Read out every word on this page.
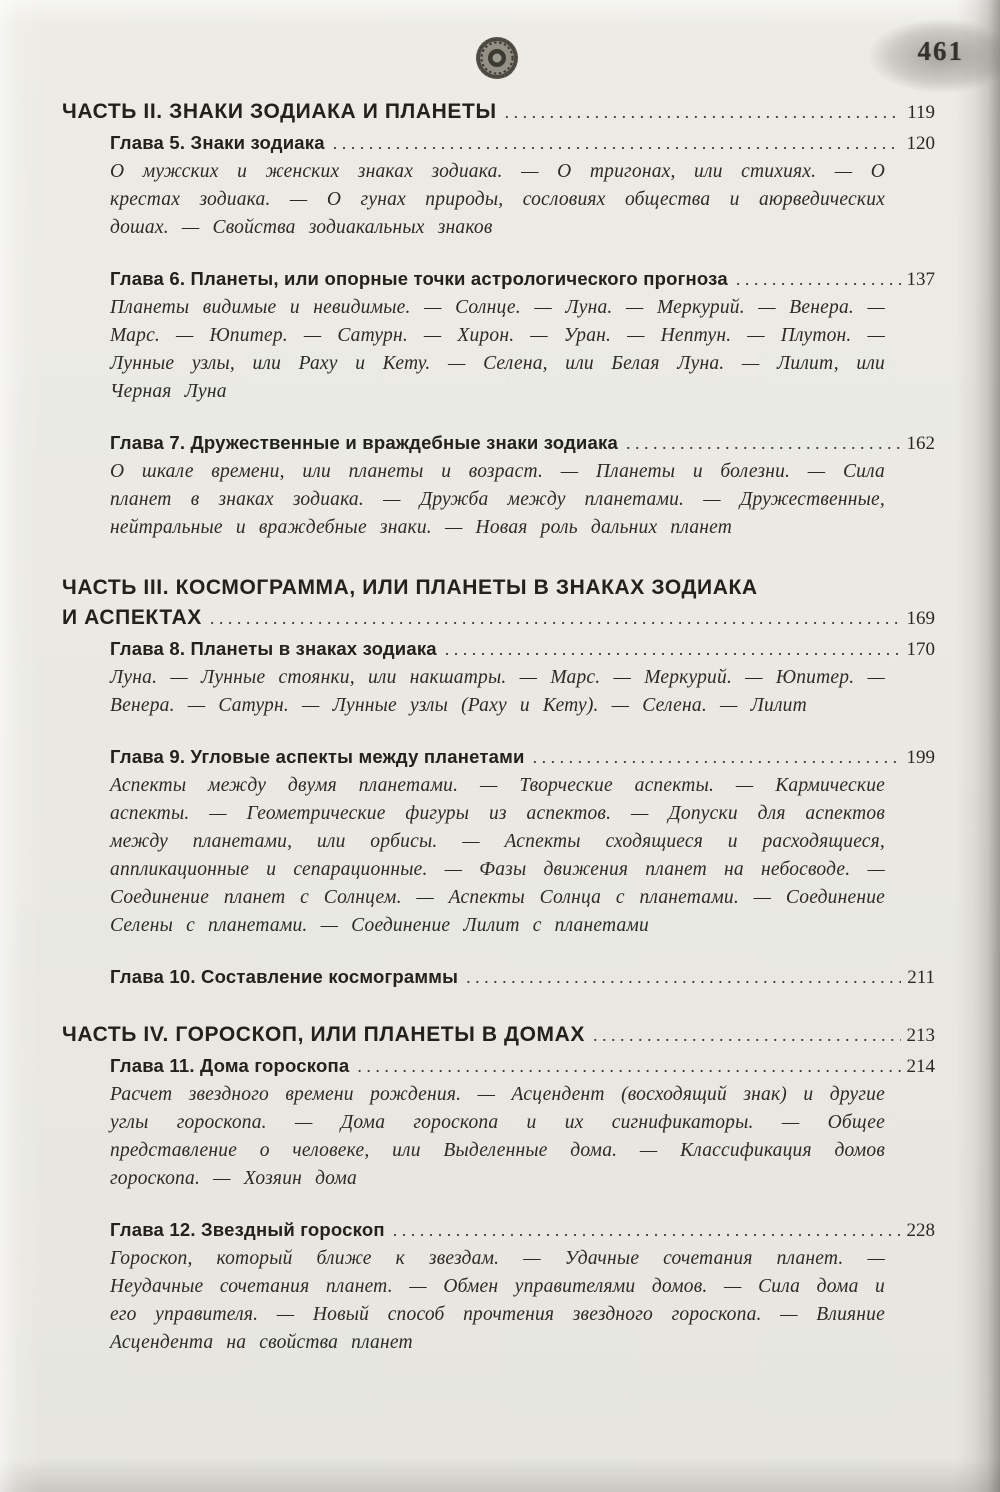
461
ЧАСТЬ II. ЗНАКИ ЗОДИАКА И ПЛАНЕТЫ .....	119
Глава 5. Знаки зодиака .....	120

О мужских и женских знаках зодиака. — О тригонах, или стихиях. — О крестах зодиака. — О гунах природы, сословиях общества и аюрведических дошах. — Свойства зодиакальных знаков

Глава 6. Планеты, или опорные точки астрологического прогноза .....	137

Планеты видимые и невидимые. — Солнце. — Луна. — Меркурий. — Венера. — Марс. — Юпитер. — Сатурн. — Хирон. — Уран. — Нептун. — Плутон. — Лунные узлы, или Раху и Кету. — Селена, или Белая Луна. — Лилит, или Черная Луна

Глава 7. Дружественные и враждебные знаки зодиака .....	162

О шкале времени, или планеты и возраст. — Планеты и болезни. — Сила планет в знаках зодиака. — Дружба между планетами. — Дружественные, нейтральные и враждебные знаки. — Новая роль дальних планет

ЧАСТЬ III. КОСМОГРАММА, ИЛИ ПЛАНЕТЫ В ЗНАКАХ ЗОДИАКА
И АСПЕКТАХ .....	169
Глава 8. Планеты в знаках зодиака .....	170

Луна. — Лунные стоянки, или накшатры. — Марс. — Меркурий. — Юпитер. — Венера. — Сатурн. — Лунные узлы (Раху и Кету). — Селена. — Лилит

Глава 9. Угловые аспекты между планетами .....	199

Аспекты между двумя планетами. — Творческие аспекты. — Кармические аспекты. — Геометрические фигуры из аспектов. — Допуски для аспектов между планетами, или орбисы. — Аспекты сходящиеся и расходящиеся, аппликационные и сепарационные. — Фазы движения планет на небосводе. — Соединение планет с Солнцем. — Аспекты Солнца с планетами. — Соединение Селены с планетами. — Соединение Лилит с планетами

Глава 10. Составление космограммы .....	211
ЧАСТЬ IV. ГОРОСКОП, ИЛИ ПЛАНЕТЫ В ДОМАХ .....	213
Глава 11. Дома гороскопа .....	214

Расчет звездного времени рождения. — Асцендент (восходящий знак) и другие углы гороскопа. — Дома гороскопа и их сигнификаторы. — Общее представление о человеке, или Выделенные дома. — Классификация домов гороскопа. — Хозяин дома

Глава 12. Звездный гороскоп .....	228

Гороскоп, который ближе к звездам. — Удачные сочетания планет. — Неудачные сочетания планет. — Обмен управителями домов. — Сила дома и его управителя. — Новый способ прочтения звездного гороскопа. — Влияние Асцендента на свойства планет
